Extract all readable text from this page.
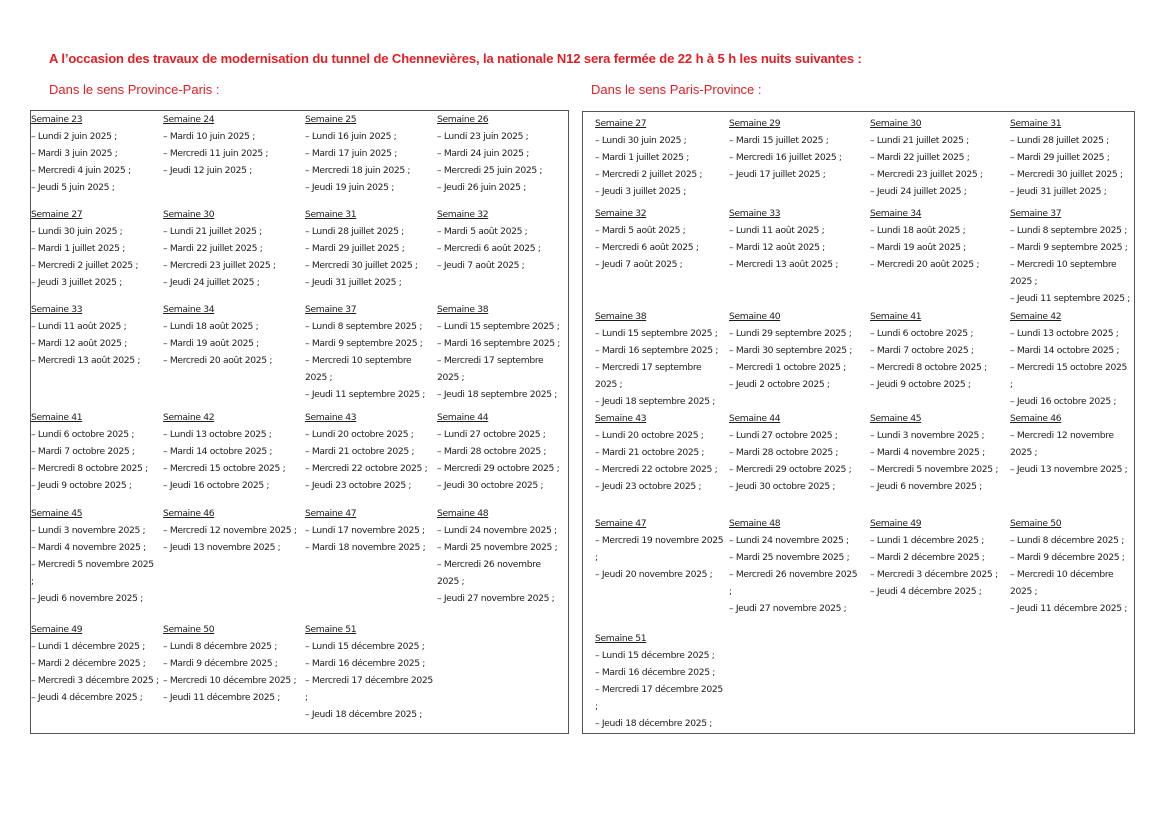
A l’occasion des travaux de modernisation du tunnel de Chennevières, la nationale N12 sera fermée de 22 h à 5 h les nuits suivantes :
Dans le sens Province-Paris :	Dans le sens Paris-Province :
Semaine 23
– Lundi 2 juin 2025 ;
– Mardi 3 juin 2025 ;
– Mercredi 4 juin 2025 ;
– Jeudi 5 juin 2025 ;
Semaine 24
– Mardi 10 juin 2025 ;
– Mercredi 11 juin 2025 ;
– Jeudi 12 juin 2025 ;
Semaine 25
– Lundi 16 juin 2025 ;
– Mardi 17 juin 2025 ;
– Mercredi 18 juin 2025 ;
– Jeudi 19 juin 2025 ;
Semaine 26
– Lundi 23 juin 2025 ;
– Mardi 24 juin 2025 ;
– Mercredi 25 juin 2025 ;
– Jeudi 26 juin 2025 ;
Semaine 27
– Lundi 30 juin 2025 ;
– Mardi 1 juillet 2025 ;
– Mercredi 2 juillet 2025 ;
– Jeudi 3 juillet 2025 ;
Semaine 30
– Lundi 21 juillet 2025 ;
– Mardi 22 juillet 2025 ;
– Mercredi 23 juillet 2025 ;
– Jeudi 24 juillet 2025 ;
Semaine 31
– Lundi 28 juillet 2025 ;
– Mardi 29 juillet 2025 ;
– Mercredi 30 juillet 2025 ;
– Jeudi 31 juillet 2025 ;
Semaine 32
– Mardi 5 août 2025 ;
– Mercredi 6 août 2025 ;
– Jeudi 7 août 2025 ;
Semaine 33
– Lundi 11 août 2025 ;
– Mardi 12 août 2025 ;
– Mercredi 13 août 2025 ;
Semaine 34
– Lundi 18 août 2025 ;
– Mardi 19 août 2025 ;
– Mercredi 20 août 2025 ;
Semaine 37
– Lundi 8 septembre 2025 ;
– Mardi 9 septembre 2025 ;
– Mercredi 10 septembre 2025 ;
– Jeudi 11 septembre 2025 ;
Semaine 38
– Lundi 15 septembre 2025 ;
– Mardi 16 septembre 2025 ;
– Mercredi 17 septembre 2025 ;
– Jeudi 18 septembre 2025 ;
Semaine 41
– Lundi 6 octobre 2025 ;
– Mardi 7 octobre 2025 ;
– Mercredi 8 octobre 2025 ;
– Jeudi 9 octobre 2025 ;
Semaine 42
– Lundi 13 octobre 2025 ;
– Mardi 14 octobre 2025 ;
– Mercredi 15 octobre 2025 ;
– Jeudi 16 octobre 2025 ;
Semaine 43
– Lundi 20 octobre 2025 ;
– Mardi 21 octobre 2025 ;
– Mercredi 22 octobre 2025 ;
– Jeudi 23 octobre 2025 ;
Semaine 44
– Lundi 27 octobre 2025 ;
– Mardi 28 octobre 2025 ;
– Mercredi 29 octobre 2025 ;
– Jeudi 30 octobre 2025 ;
Semaine 45
– Lundi 3 novembre 2025 ;
– Mardi 4 novembre 2025 ;
– Mercredi 5 novembre 2025 ;
– Jeudi 6 novembre 2025 ;
Semaine 46
– Mercredi 12 novembre 2025 ;
– Jeudi 13 novembre 2025 ;
Semaine 47
– Lundi 17 novembre 2025 ;
– Mardi 18 novembre 2025 ;
Semaine 48
– Lundi 24 novembre 2025 ;
– Mardi 25 novembre 2025 ;
– Mercredi 26 novembre 2025 ;
– Jeudi 27 novembre 2025 ;
Semaine 49
– Lundi 1 décembre 2025 ;
– Mardi 2 décembre 2025 ;
– Mercredi 3 décembre 2025 ;
– Jeudi 4 décembre 2025 ;
Semaine 50
– Lundi 8 décembre 2025 ;
– Mardi 9 décembre 2025 ;
– Mercredi 10 décembre 2025 ;
– Jeudi 11 décembre 2025 ;
Semaine 51
– Lundi 15 décembre 2025 ;
– Mardi 16 décembre 2025 ;
– Mercredi 17 décembre 2025 ;
– Jeudi 18 décembre 2025 ;
Semaine 27
– Lundi 30 juin 2025 ;
– Mardi 1 juillet 2025 ;
– Mercredi 2 juillet 2025 ;
– Jeudi 3 juillet 2025 ;
Semaine 29
– Mardi 15 juillet 2025 ;
– Mercredi 16 juillet 2025 ;
– Jeudi 17 juillet 2025 ;
Semaine 30
– Lundi 21 juillet 2025 ;
– Mardi 22 juillet 2025 ;
– Mercredi 23 juillet 2025 ;
– Jeudi 24 juillet 2025 ;
Semaine 31
– Lundi 28 juillet 2025 ;
– Mardi 29 juillet 2025 ;
– Mercredi 30 juillet 2025 ;
– Jeudi 31 juillet 2025 ;
Semaine 32
– Mardi 5 août 2025 ;
– Mercredi 6 août 2025 ;
– Jeudi 7 août 2025 ;
Semaine 33
– Lundi 11 août 2025 ;
– Mardi 12 août 2025 ;
– Mercredi 13 août 2025 ;
Semaine 34
– Lundi 18 août 2025 ;
– Mardi 19 août 2025 ;
– Mercredi 20 août 2025 ;
Semaine 37
– Lundi 8 septembre 2025 ;
– Mardi 9 septembre 2025 ;
– Mercredi 10 septembre 2025 ;
– Jeudi 11 septembre 2025 ;
Semaine 38
– Lundi 15 septembre 2025 ;
– Mardi 16 septembre 2025 ;
– Mercredi 17 septembre 2025 ;
– Jeudi 18 septembre 2025 ;
Semaine 40
– Lundi 29 septembre 2025 ;
– Mardi 30 septembre 2025 ;
– Mercredi 1 octobre 2025 ;
– Jeudi 2 octobre 2025 ;
Semaine 41
– Lundi 6 octobre 2025 ;
– Mardi 7 octobre 2025 ;
– Mercredi 8 octobre 2025 ;
– Jeudi 9 octobre 2025 ;
Semaine 42
– Lundi 13 octobre 2025 ;
– Mardi 14 octobre 2025 ;
– Mercredi 15 octobre 2025 ;
– Jeudi 16 octobre 2025 ;
Semaine 43
– Lundi 20 octobre 2025 ;
– Mardi 21 octobre 2025 ;
– Mercredi 22 octobre 2025 ;
– Jeudi 23 octobre 2025 ;
Semaine 44
– Lundi 27 octobre 2025 ;
– Mardi 28 octobre 2025 ;
– Mercredi 29 octobre 2025 ;
– Jeudi 30 octobre 2025 ;
Semaine 45
– Lundi 3 novembre 2025 ;
– Mardi 4 novembre 2025 ;
– Mercredi 5 novembre 2025 ;
– Jeudi 6 novembre 2025 ;
Semaine 46
– Mercredi 12 novembre 2025 ;
– Jeudi 13 novembre 2025 ;
Semaine 47
– Mercredi 19 novembre 2025 ;
– Jeudi 20 novembre 2025 ;
Semaine 48
– Lundi 24 novembre 2025 ;
– Mardi 25 novembre 2025 ;
– Mercredi 26 novembre 2025 ;
– Jeudi 27 novembre 2025 ;
Semaine 49
– Lundi 1 décembre 2025 ;
– Mardi 2 décembre 2025 ;
– Mercredi 3 décembre 2025 ;
– Jeudi 4 décembre 2025 ;
Semaine 50
– Lundi 8 décembre 2025 ;
– Mardi 9 décembre 2025 ;
– Mercredi 10 décembre 2025 ;
– Jeudi 11 décembre 2025 ;
Semaine 51
– Lundi 15 décembre 2025 ;
– Mardi 16 décembre 2025 ;
– Mercredi 17 décembre 2025 ;
– Jeudi 18 décembre 2025 ;
